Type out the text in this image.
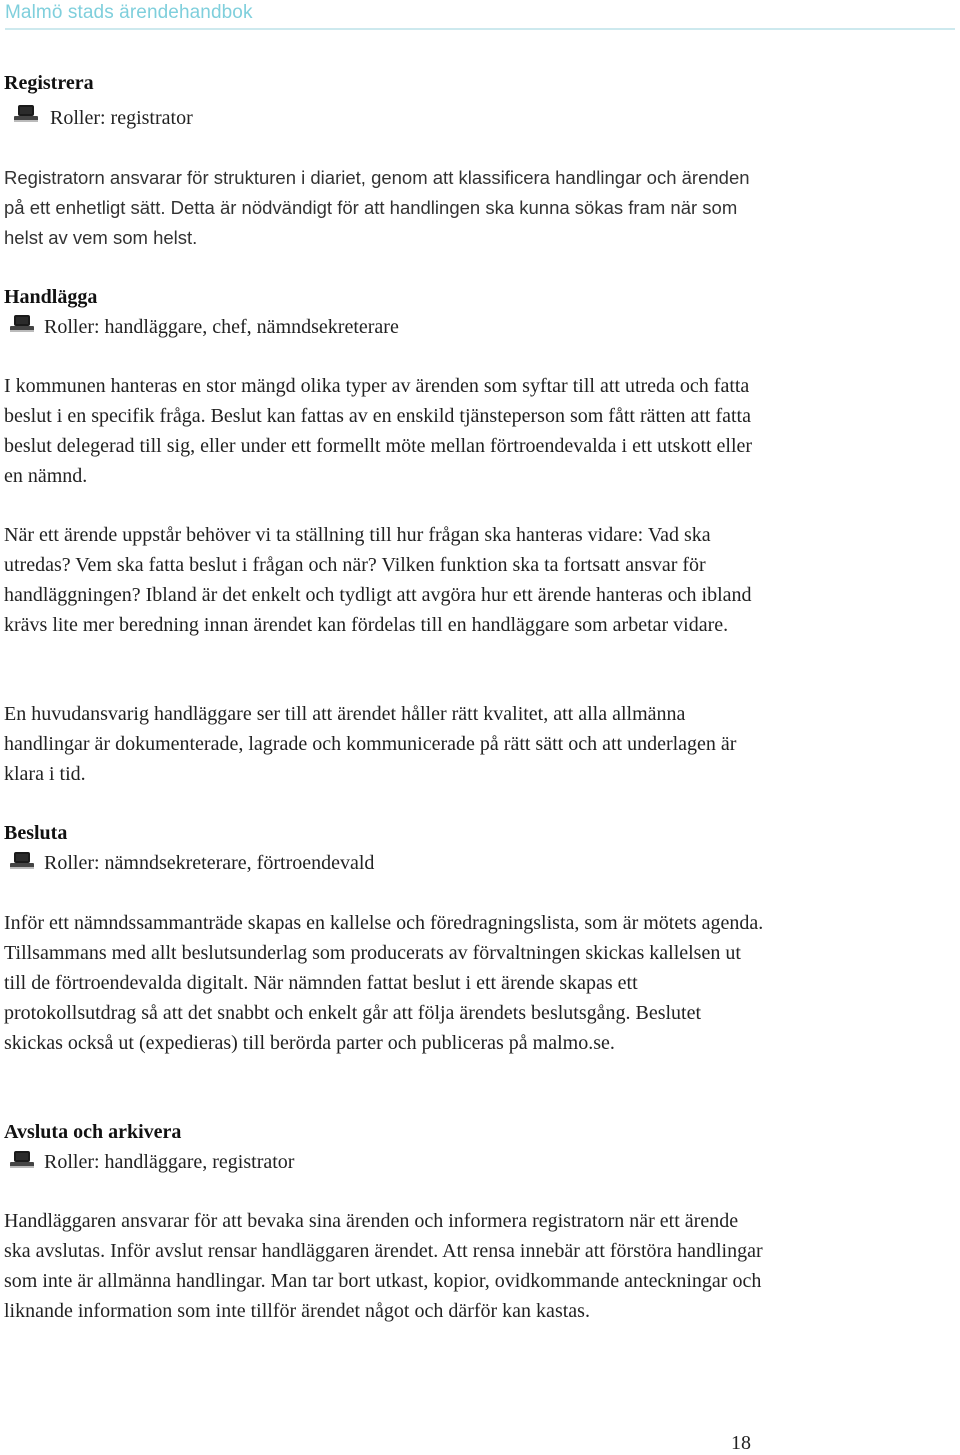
Malmö stads ärendehandbok
Registrera
Roller: registrator
Registratorn ansvarar för strukturen i diariet, genom att klassificera handlingar och ärenden på ett enhetligt sätt. Detta är nödvändigt för att handlingen ska kunna sökas fram när som helst av vem som helst.
Handlägga
Roller: handläggare, chef, nämndsekreterare
I kommunen hanteras en stor mängd olika typer av ärenden som syftar till att utreda och fatta beslut i en specifik fråga. Beslut kan fattas av en enskild tjänsteperson som fått rätten att fatta beslut delegerad till sig, eller under ett formellt möte mellan förtroendevalda i ett utskott eller en nämnd.
När ett ärende uppstår behöver vi ta ställning till hur frågan ska hanteras vidare: Vad ska utredas? Vem ska fatta beslut i frågan och när? Vilken funktion ska ta fortsatt ansvar för handläggningen? Ibland är det enkelt och tydligt att avgöra hur ett ärende hanteras och ibland krävs lite mer beredning innan ärendet kan fördelas till en handläggare som arbetar vidare.
En huvudansvarig handläggare ser till att ärendet håller rätt kvalitet, att alla allmänna handlingar är dokumenterade, lagrade och kommunicerade på rätt sätt och att underlagen är klara i tid.
Besluta
Roller: nämndsekreterare, förtroendevald
Inför ett nämndssammanträde skapas en kallelse och föredragningslista, som är mötets agenda. Tillsammans med allt beslutsunderlag som producerats av förvaltningen skickas kallelsen ut till de förtroendevalda digitalt. När nämnden fattat beslut i ett ärende skapas ett protokollsutdrag så att det snabbt och enkelt går att följa ärendets beslutsgång. Beslutet skickas också ut (expedieras) till berörda parter och publiceras på malmo.se.
Avsluta och arkivera
Roller: handläggare, registrator
Handläggaren ansvarar för att bevaka sina ärenden och informera registratorn när ett ärende ska avslutas. Inför avslut rensar handläggaren ärendet. Att rensa innebär att förstöra handlingar som inte är allmänna handlingar. Man tar bort utkast, kopior, ovidkommande anteckningar och liknande information som inte tillför ärendet något och därför kan kastas.
18
